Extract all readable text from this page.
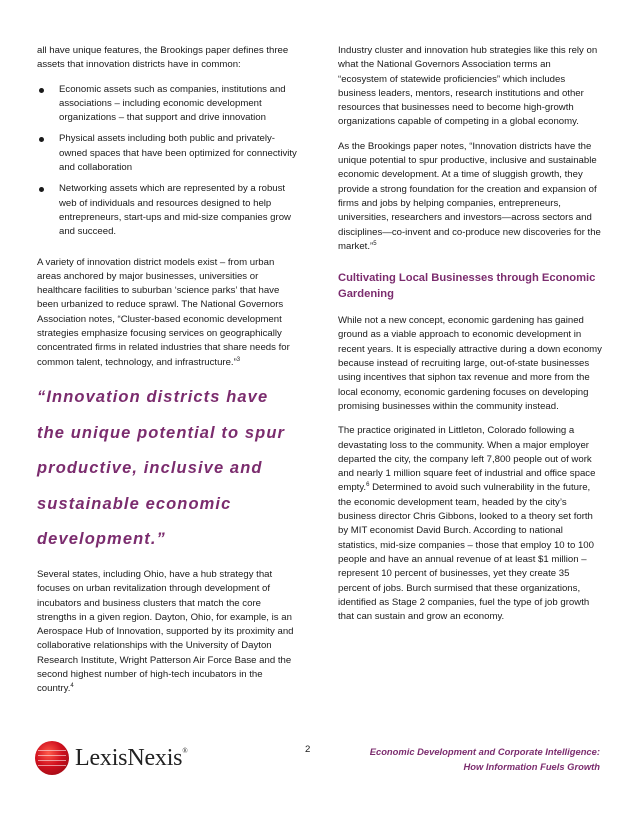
all have unique features, the Brookings paper defines three assets that innovation districts have in common:

Economic assets such as companies, institutions and associations – including economic development organizations – that support and drive innovation
Physical assets including both public and privately-owned spaces that have been optimized for connectivity and collaboration
Networking assets which are represented by a robust web of individuals and resources designed to help entrepreneurs, start-ups and mid-size companies grow and succeed.

A variety of innovation district models exist – from urban areas anchored by major businesses, universities or healthcare facilities to suburban ‘science parks’ that have been urbanized to reduce sprawl. The National Governors Association notes, “Cluster-based economic development strategies emphasize focusing services on geographically concentrated firms in related industries that share needs for common talent, technology, and infrastructure.”$^3$

“Innovation districts have the unique potential to spur productive, inclusive and sustainable economic development.”

Several states, including Ohio, have a hub strategy that focuses on urban revitalization through development of incubators and business clusters that match the core strengths in a given region. Dayton, Ohio, for example, is an Aerospace Hub of Innovation, supported by its proximity and collaborative relationships with the University of Dayton Research Institute, Wright Patterson Air Force Base and the second highest number of high-tech incubators in the country.$^4$

Industry cluster and innovation hub strategies like this rely on what the National Governors Association terms an “ecosystem of statewide proficiencies” which includes business leaders, mentors, research institutions and other resources that businesses need to become high-growth organizations capable of competing in a global economy.

As the Brookings paper notes, “Innovation districts have the unique potential to spur productive, inclusive and sustainable economic development. At a time of sluggish growth, they provide a strong foundation for the creation and expansion of firms and jobs by helping companies, entrepreneurs, universities, researchers and investors—across sectors and disciplines—co-invent and co-produce new discoveries for the market.”$^5$

Cultivating Local Businesses through Economic Gardening

While not a new concept, economic gardening has gained ground as a viable approach to economic development in recent years. It is especially attractive during a down economy because instead of recruiting large, out-of-state businesses using incentives that siphon tax revenue and more from the local economy, economic gardening focuses on developing promising businesses within the community instead.

The practice originated in Littleton, Colorado following a devastating loss to the community. When a major employer departed the city, the company left 7,800 people out of work and nearly 1 million square feet of industrial and office space empty.$^6$ Determined to avoid such vulnerability in the future, the economic development team, headed by the city’s business director Chris Gibbons, looked to a theory set forth by MIT economist David Burch. According to national statistics, mid-size companies – those that employ 10 to 100 people and have an annual revenue of at least $1 million – represent 10 percent of businesses, yet they create 35 percent of jobs. Burch surmised that these organizations, identified as Stage 2 companies, fuel the type of job growth that can sustain and grow an economy.

LexisNexis®	2	Economic Development and Corporate Intelligence:
How Information Fuels Growth
